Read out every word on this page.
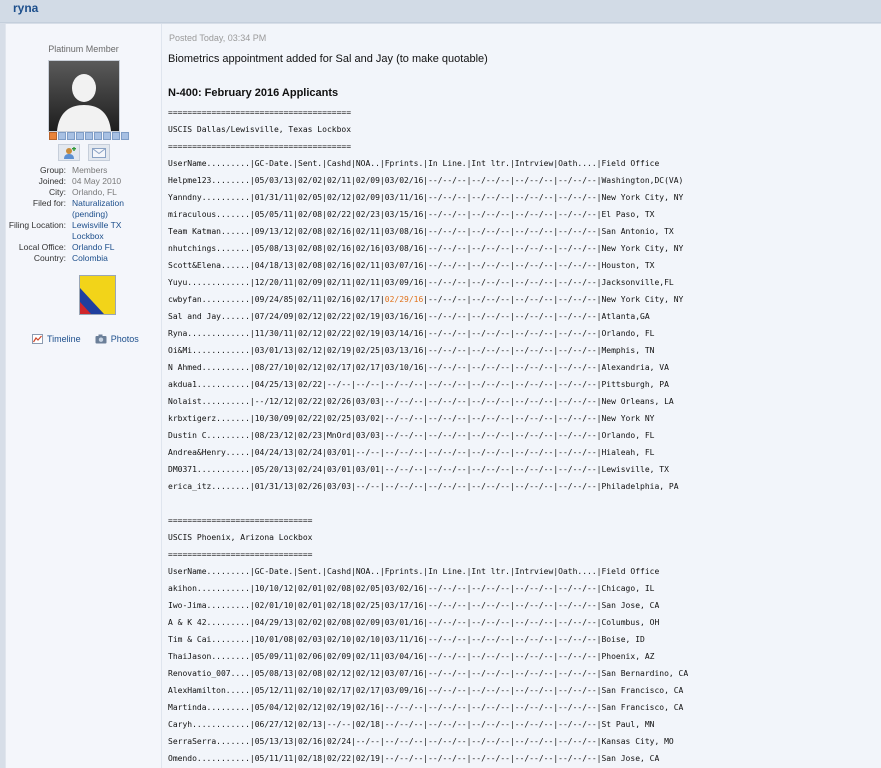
ryna
Platinum Member
Group: Members
Joined: 04 May 2010
City: Orlando, FL
Filed for: Naturalization (pending)
Filing Location: Lewisville TX Lockbox
Local Office: Orlando FL
Country: Colombia
Timeline	Photos
Posted Today, 03:34 PM
Biometrics appointment added for Sal and Jay (to make quotable)
N-400: February 2016 Applicants
======================================
USCIS Dallas/Lewisville, Texas Lockbox
======================================
UserName.........|GC-Date.|Sent.|Cashd|NOA..|Fprints.|In Line.|Int ltr.|Intrview|Oath....|Field Office
Helpme123........|05/03/13|02/02|02/11|02/09|03/02/16|--/--/--|--/--/--|--/--/--|--/--/--|Washington,DC(VA)
Yanndny..........|01/31/11|02/05|02/12|02/09|03/11/16|--/--/--|--/--/--|--/--/--|--/--/--|New York City, NY
miraculous.......|05/05/11|02/08|02/22|02/23|03/15/16|--/--/--|--/--/--|--/--/--|--/--/--|El Paso, TX
Team Katman......|09/13/12|02/08|02/16|02/11|03/08/16|--/--/--|--/--/--|--/--/--|--/--/--|San Antonio, TX
nhutchings.......|05/08/13|02/08|02/16|02/16|03/08/16|--/--/--|--/--/--|--/--/--|--/--/--|New York City, NY
Scott&Elena......|04/18/13|02/08|02/16|02/11|03/07/16|--/--/--|--/--/--|--/--/--|--/--/--|Houston, TX
Yuyu.............|12/20/11|02/09|02/11|02/11|03/09/16|--/--/--|--/--/--|--/--/--|--/--/--|Jacksonville,FL
cwbyfan..........|09/24/85|02/11|02/16|02/17|02/29/16|--/--/--|--/--/--|--/--/--|--/--/--|New York City, NY
Sal and Jay......|07/24/09|02/12|02/22|02/19|03/16/16|--/--/--|--/--/--|--/--/--|--/--/--|Atlanta,GA
Ryna.............|11/30/11|02/12|02/22|02/19|03/14/16|--/--/--|--/--/--|--/--/--|--/--/--|Orlando, FL
Oi&Mi............|03/01/13|02/12|02/19|02/25|03/13/16|--/--/--|--/--/--|--/--/--|--/--/--|Memphis, TN
N Ahmed..........|08/27/10|02/12|02/17|02/17|03/10/16|--/--/--|--/--/--|--/--/--|--/--/--|Alexandria, VA
akdua1...........|04/25/13|02/22|--/--|--/--|--/--/--|--/--/--|--/--/--|--/--/--|--/--/--|Pittsburgh, PA
Nolaist..........|--/12/12|02/22|02/26|03/03|--/--/--|--/--/--|--/--/--|--/--/--|--/--/--|New Orleans, LA
krbxtigerz.......|10/30/09|02/22|02/25|03/02|--/--/--|--/--/--|--/--/--|--/--/--|--/--/--|New York NY
Dustin C.........|08/23/12|02/23|MnOrd|03/03|--/--/--|--/--/--|--/--/--|--/--/--|--/--/--|Orlando, FL
Andrea&Henry.....|04/24/13|02/24|03/01|--/--|--/--/--|--/--/--|--/--/--|--/--/--|--/--/--|Hialeah, FL
DM0371...........|05/20/13|02/24|03/01|03/01|--/--/--|--/--/--|--/--/--|--/--/--|--/--/--|Lewisville, TX
erica_itz........|01/31/13|02/26|03/03|--/--|--/--/--|--/--/--|--/--/--|--/--/--|--/--/--|Philadelphia, PA

==============================
USCIS Phoenix, Arizona Lockbox
==============================
UserName.........|GC-Date.|Sent.|Cashd|NOA..|Fprints.|In Line.|Int ltr.|Intrview|Oath....|Field Office
akihon...........|10/10/12|02/01|02/08|02/05|03/02/16|--/--/--|--/--/--|--/--/--|--/--/--|Chicago, IL
Iwo-Jima.........|02/01/10|02/01|02/18|02/25|03/17/16|--/--/--|--/--/--|--/--/--|--/--/--|San Jose, CA
A & K 42.........|04/29/13|02/02|02/08|02/09|03/01/16|--/--/--|--/--/--|--/--/--|--/--/--|Columbus, OH
Tim & Cai........|10/01/08|02/03|02/10|02/10|03/11/16|--/--/--|--/--/--|--/--/--|--/--/--|Boise, ID
ThaiJason........|05/09/11|02/06|02/09|02/11|03/04/16|--/--/--|--/--/--|--/--/--|--/--/--|Phoenix, AZ
Renovatio_007....|05/08/13|02/08|02/12|02/12|03/07/16|--/--/--|--/--/--|--/--/--|--/--/--|San Bernardino, CA
AlexHamilton.....|05/12/11|02/10|02/17|02/17|03/09/16|--/--/--|--/--/--|--/--/--|--/--/--|San Francisco, CA
Martinda.........|05/04/12|02/12|02/19|02/16|--/--/--|--/--/--|--/--/--|--/--/--|--/--/--|San Francisco, CA
Caryh............|06/27/12|02/13|--/--|02/18|--/--/--|--/--/--|--/--/--|--/--/--|--/--/--|St Paul, MN
SerraSerra.......|05/13/13|02/16|02/24|--/--|--/--/--|--/--/--|--/--/--|--/--/--|--/--/--|Kansas City, MO
Omendo...........|05/11/11|02/18|02/22|02/19|--/--/--|--/--/--|--/--/--|--/--/--|--/--/--|San Jose, CA
